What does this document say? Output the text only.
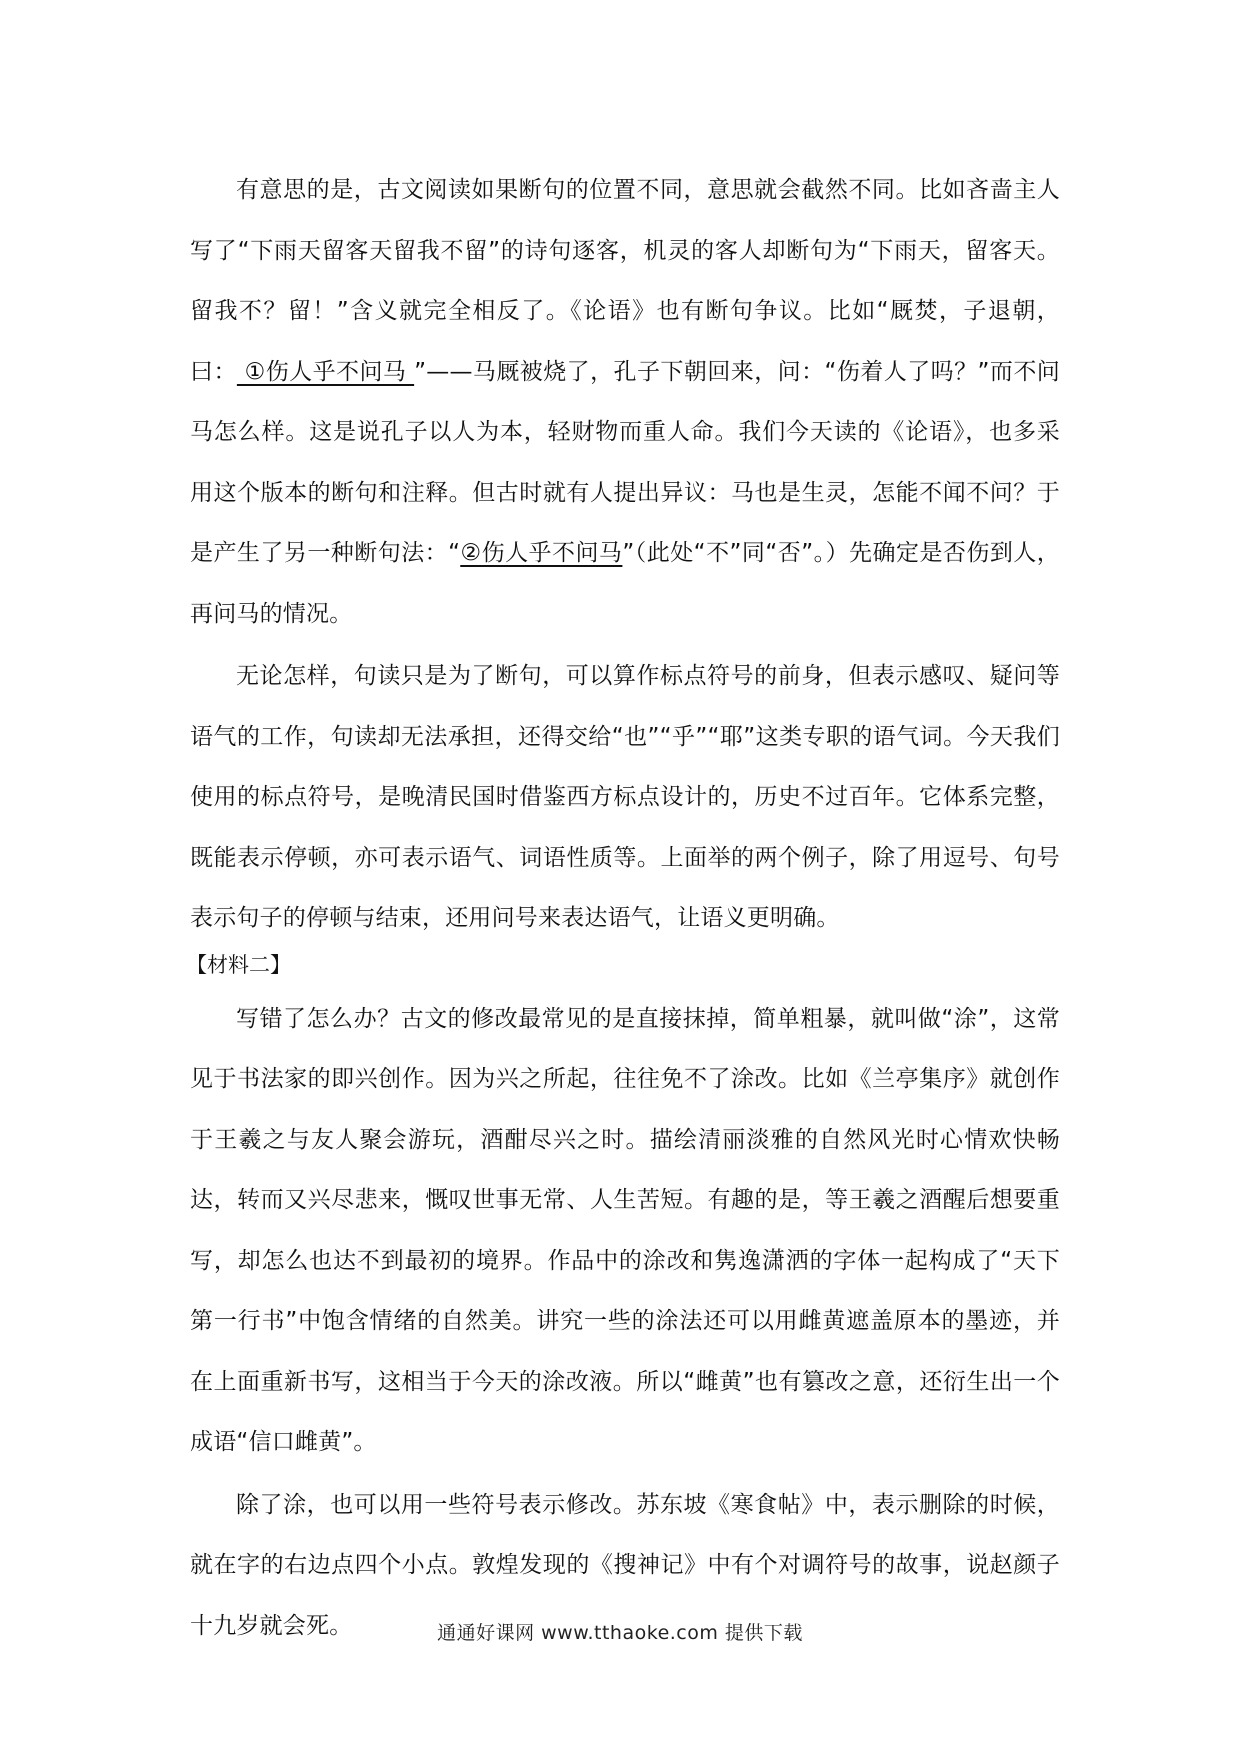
有意思的是，古文阅读如果断句的位置不同，意思就会截然不同。比如吝啬主人写了“下雨天留客天留我不留”的诗句逐客，机灵的客人却断句为“下雨天，留客天。留我不？留！”含义就完全相反了。《论语》也有断句争议。比如“厩焚，子退朝，曰： ①伤人乎不问马 ”——马厩被烧了，孔子下朝回来，问：“伤着人了吗？”而不问马怎么样。这是说孔子以人为本，轻财物而重人命。我们今天读的《论语》，也多采用这个版本的断句和注释。但古时就有人提出异议：马也是生灵，怎能不闻不问？于是产生了另一种断句法：“②伤人乎不问马”（此处“不”同“否”。）先确定是否伤到人，再问马的情况。

无论怎样，句读只是为了断句，可以算作标点符号的前身，但表示感叹、疑问等语气的工作，句读却无法承担，还得交给“也”“乎”“耶”这类专职的语气词。今天我们使用的标点符号，是晚清民国时借鉴西方标点设计的，历史不过百年。它体系完整，既能表示停顿，亦可表示语气、词语性质等。上面举的两个例子，除了用逗号、句号表示句子的停顿与结束，还用问号来表达语气，让语义更明确。

【材料二】

写错了怎么办？古文的修改最常见的是直接抹掉，简单粗暴，就叫做“涂”，这常见于书法家的即兴创作。因为兴之所起，往往免不了涂改。比如《兰亭集序》就创作于王羲之与友人聚会游玩，酒酣尽兴之时。描绘清丽淡雅的自然风光时心情欢快畅达，转而又兴尽悲来，慨叹世事无常、人生苦短。有趣的是，等王羲之酒醒后想要重写，却怎么也达不到最初的境界。作品中的涂改和隽逸潇洒的字体一起构成了“天下第一行书”中饱含情绪的自然美。讲究一些的涂法还可以用雌黄遮盖原本的墨迹，并在上面重新书写，这相当于今天的涂改液。所以“雌黄”也有篡改之意，还衍生出一个成语“信口雌黄”。

除了涂，也可以用一些符号表示修改。苏东坡《寒食帖》中，表示删除的时候，就在字的右边点四个小点。敦煌发现的《搜神记》中有个对调符号的故事，说赵颜子十九岁就会死。	通通好课网 www.tthaoke.com 提供下载
